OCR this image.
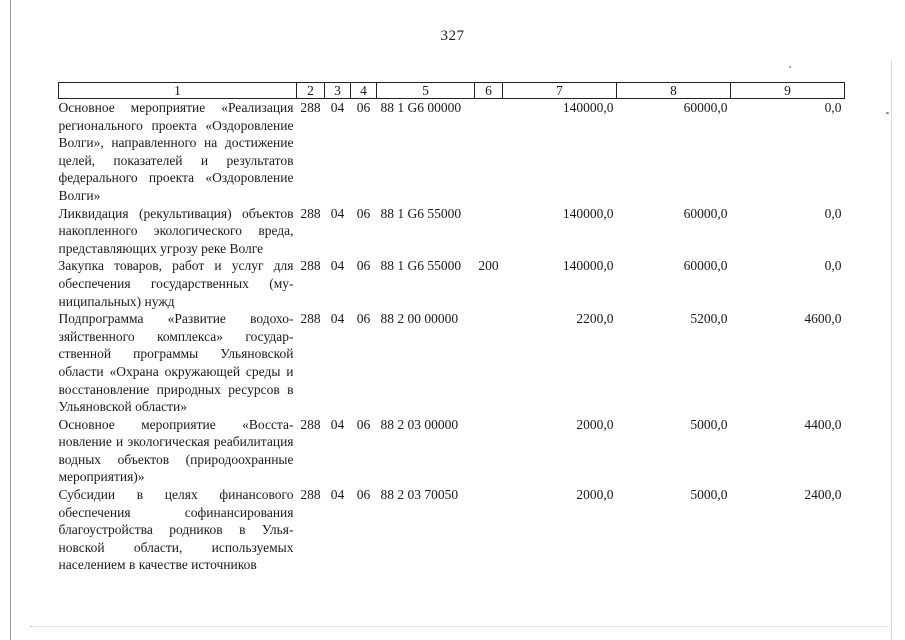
327
1	2	3	4	5	6	7	8	9
Основное мероприятие «Реализация регионального проекта «Оздоровление Волги», направленного на достижение целей, показателей и результатов федерального проекта «Оздоровление Волги»	288	04	06	88 1 G6 00000		140000,0	60000,0	0,0
Ликвидация (рекультивация) объектов накопленного экологического вреда, представляющих угрозу реке Волге	288	04	06	88 1 G6 55000		140000,0	60000,0	0,0
Закупка товаров, работ и услуг для обеспечения государственных (муниципальных) нужд	288	04	06	88 1 G6 55000	200	140000,0	60000,0	0,0
Подпрограмма «Развитие водохозяйственного комплекса» государственной программы Ульяновской области «Охрана окружающей среды и восстановление природных ресурсов в Ульяновской области»	288	04	06	88 2 00 00000		2200,0	5200,0	4600,0
Основное мероприятие «Восстановление и экологическая реабилитация водных объектов (природоохранные мероприятия)»	288	04	06	88 2 03 00000		2000,0	5000,0	4400,0
Субсидии в целях финансового обеспечения софинансирования благоустройства родников в Ульяновской области, используемых населением в качестве источников	288	04	06	88 2 03 70050		2000,0	5000,0	2400,0
